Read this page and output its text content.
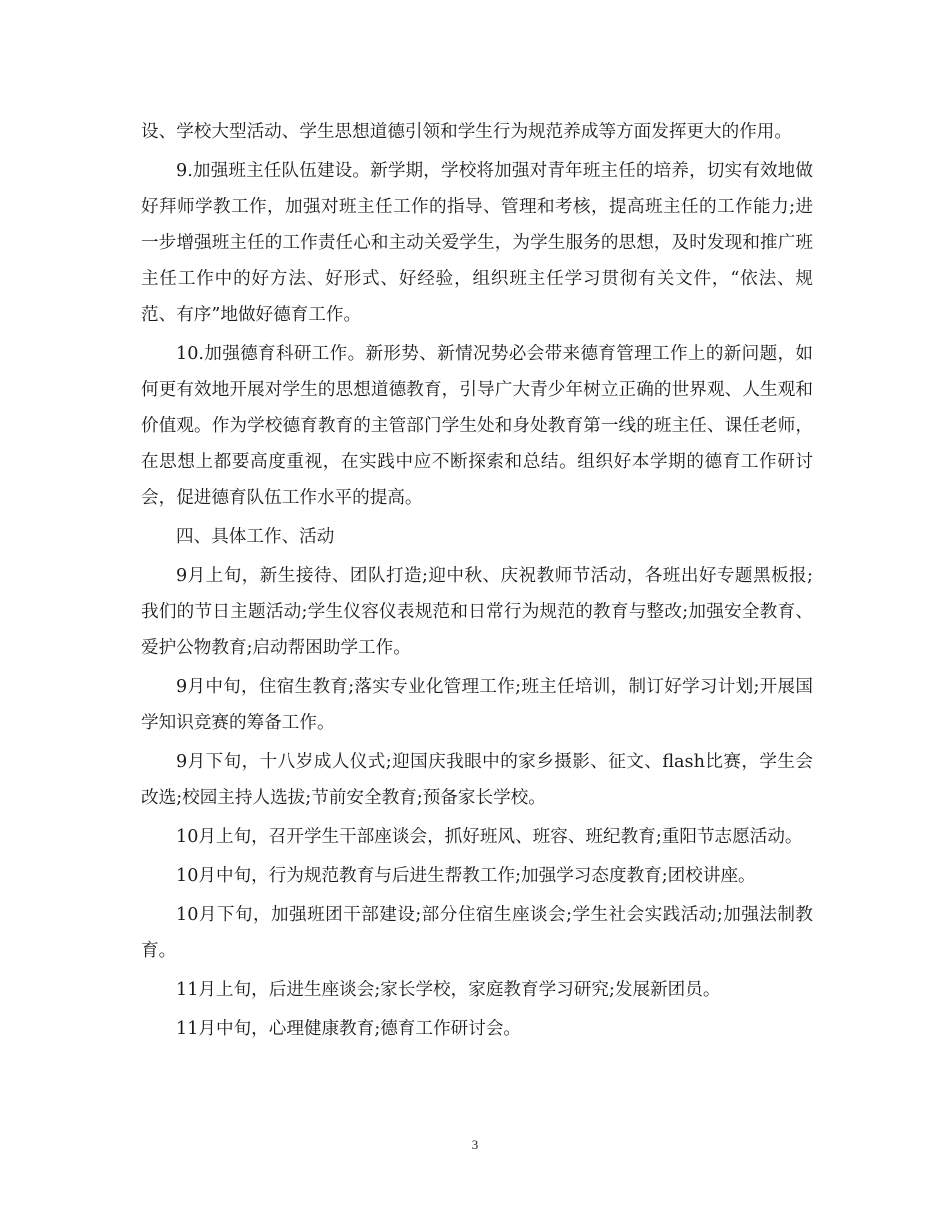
设、学校大型活动、学生思想道德引领和学生行为规范养成等方面发挥更大的作用。

9.加强班主任队伍建设。新学期，学校将加强对青年班主任的培养，切实有效地做好拜师学教工作，加强对班主任工作的指导、管理和考核，提高班主任的工作能力;进一步增强班主任的工作责任心和主动关爱学生，为学生服务的思想，及时发现和推广班主任工作中的好方法、好形式、好经验，组织班主任学习贯彻有关文件，“依法、规范、有序”地做好德育工作。

10.加强德育科研工作。新形势、新情况势必会带来德育管理工作上的新问题，如何更有效地开展对学生的思想道德教育，引导广大青少年树立正确的世界观、人生观和价值观。作为学校德育教育的主管部门学生处和身处教育第一线的班主任、课任老师，在思想上都要高度重视，在实践中应不断探索和总结。组织好本学期的德育工作研讨会，促进德育队伍工作水平的提高。

四、具体工作、活动

9月上旬，新生接待、团队打造;迎中秋、庆祝教师节活动，各班出好专题黑板报;我们的节日主题活动;学生仪容仪表规范和日常行为规范的教育与整改;加强安全教育、爱护公物教育;启动帮困助学工作。

9月中旬，住宿生教育;落实专业化管理工作;班主任培训，制订好学习计划;开展国学知识竞赛的筹备工作。

9月下旬，十八岁成人仪式;迎国庆我眼中的家乡摄影、征文、flash比赛，学生会改选;校园主持人选拔;节前安全教育;预备家长学校。

10月上旬，召开学生干部座谈会，抓好班风、班容、班纪教育;重阳节志愿活动。

10月中旬，行为规范教育与后进生帮教工作;加强学习态度教育;团校讲座。

10月下旬，加强班团干部建设;部分住宿生座谈会;学生社会实践活动;加强法制教育。

11月上旬，后进生座谈会;家长学校，家庭教育学习研究;发展新团员。

11月中旬，心理健康教育;德育工作研讨会。

3
